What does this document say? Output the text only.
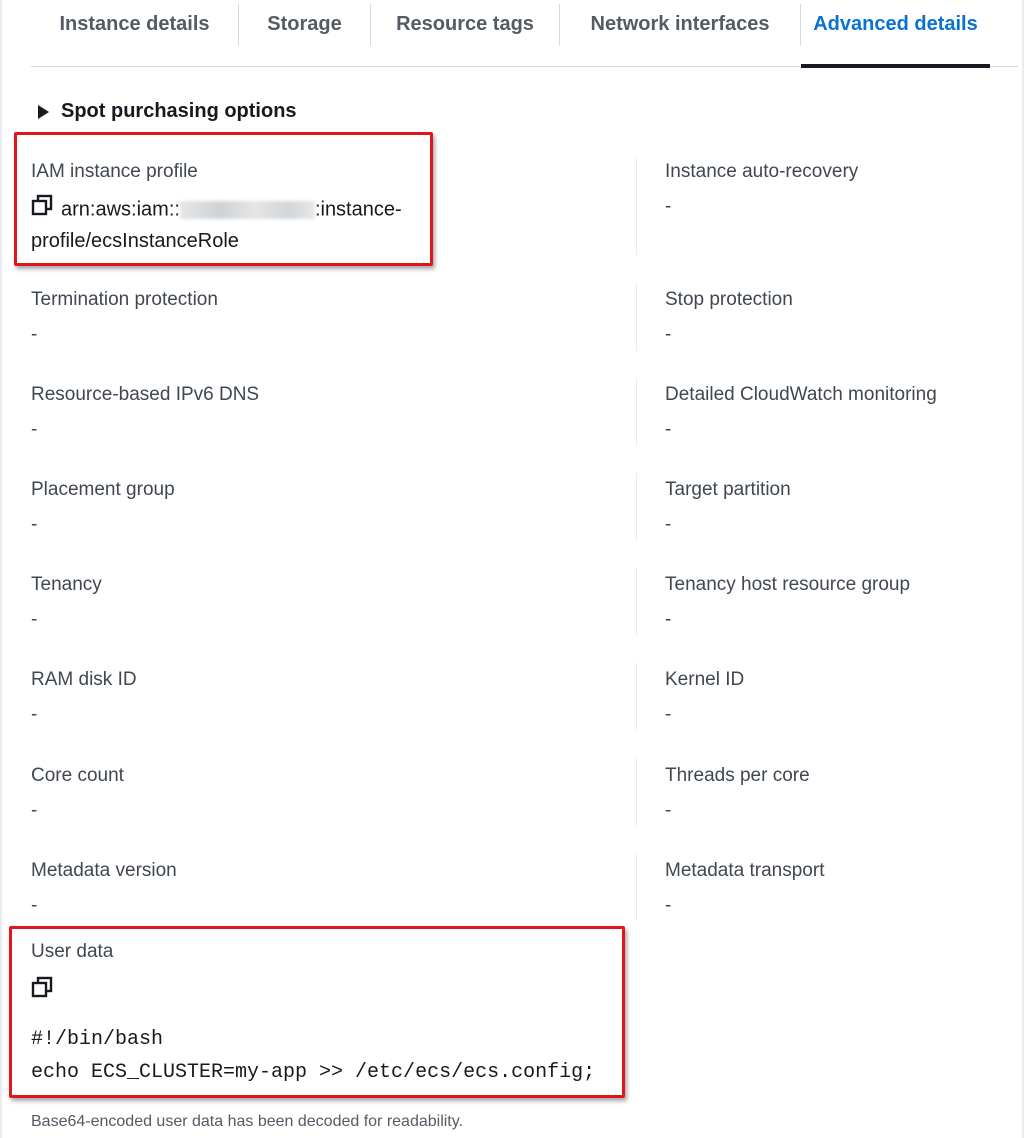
Instance details	Storage	Resource tags	Network interfaces Advanced details
Spot purchasing options
IAM instance profile
arn:aws:iam::	:instance-
profile/ecsInstanceRole
Instance auto-recovery
-
Termination protection
-
Stop protection
-
Resource-based IPv6 DNS
-
Detailed CloudWatch monitoring
-
Placement group
-
Target partition
-
Tenancy
-
Tenancy host resource group
-
RAM disk ID
-
Kernel ID
-
Core count
-
Threads per core
-
Metadata version
-
Metadata transport
-
User data
#!/bin/bash
echo ECS_CLUSTER=my-app >> /etc/ecs/ecs.config;
Base64-encoded user data has been decoded for readability.
